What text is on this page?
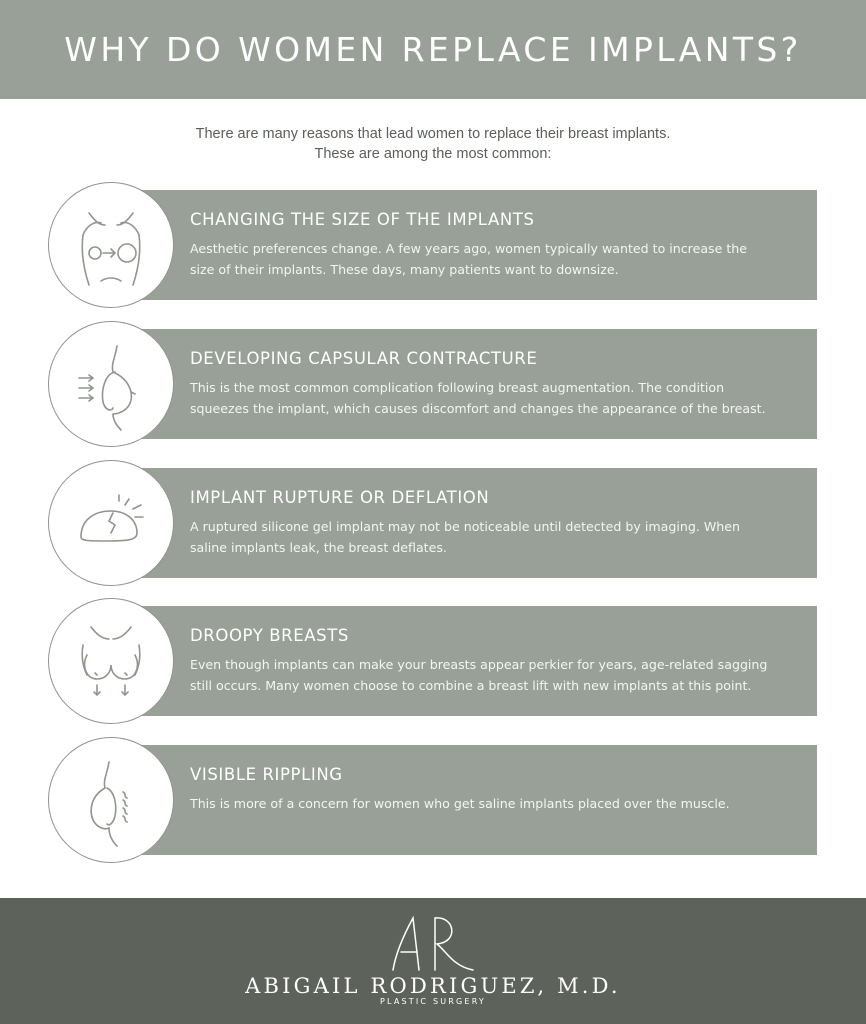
WHY DO WOMEN REPLACE IMPLANTS?

There are many reasons that lead women to replace their breast implants.

These are among the most common:

CHANGING THE SIZE OF THE IMPLANTS
Aesthetic preferences change. A few years ago, women typically wanted to increase the
size of their implants. These days, many patients want to downsize.
DEVELOPING CAPSULAR CONTRACTURE
This is the most common complication following breast augmentation. The condition
squeezes the implant, which causes discomfort and changes the appearance of the breast.
IMPLANT RUPTURE OR DEFLATION
A ruptured silicone gel implant may not be noticeable until detected by imaging. When
saline implants leak, the breast deflates.
DROOPY BREASTS
Even though implants can make your breasts appear perkier for years, age-related sagging
still occurs. Many women choose to combine a breast lift with new implants at this point.
VISIBLE RIPPLING
This is more of a concern for women who get saline implants placed over the muscle.
ABIGAIL RODRIGUEZ, M.D.
PLASTIC SURGERY
